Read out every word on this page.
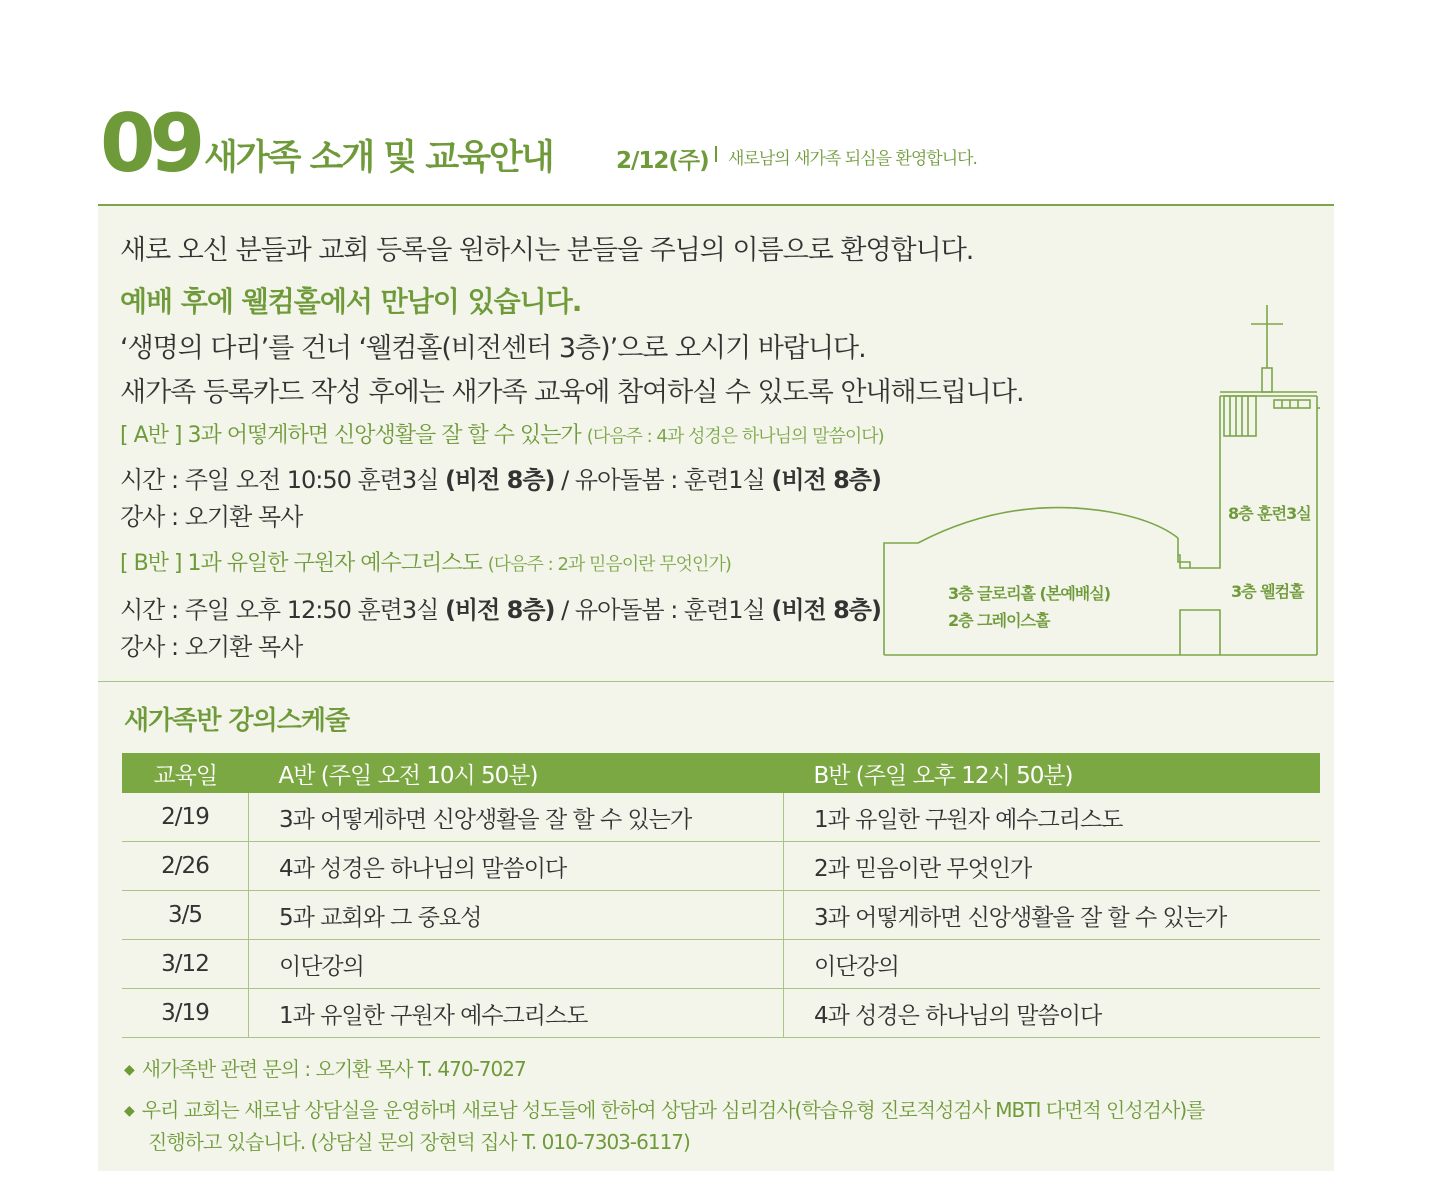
09 새가족 소개 및 교육안내	2/12(주) 새로남의 새가족 되심을 환영합니다.
새로 오신 분들과 교회 등록을 원하시는 분들을 주님의 이름으로 환영합니다.
예배 후에 웰컴홀에서 만남이 있습니다.
‘생명의 다리’를 건너 ‘웰컴홀(비전센터 3층)’으로 오시기 바랍니다.
새가족 등록카드 작성 후에는 새가족 교육에 참여하실 수 있도록 안내해드립니다.
[ A반 ] 3과 어떻게하면 신앙생활을 잘 할 수 있는가 (다음주 : 4과 성경은 하나님의 말씀이다)
시간 : 주일 오전 10:50 훈련3실 (비전 8층) / 유아돌봄 : 훈련1실 (비전 8층)
강사 : 오기환 목사
[ B반 ] 1과 유일한 구원자 예수그리스도 (다음주 : 2과 믿음이란 무엇인가)
시간 : 주일 오후 12:50 훈련3실 (비전 8층) / 유아돌봄 : 훈련1실 (비전 8층)
강사 : 오기환 목사
8층 훈련3실
3층 웰컴홀
3층 글로리홀 (본예배실)
2층 그레이스홀
새가족반 강의스케줄
교육일	A반 (주일 오전 10시 50분)	B반 (주일 오후 12시 50분)
2/19	3과 어떻게하면 신앙생활을 잘 할 수 있는가	1과 유일한 구원자 예수그리스도
2/26	4과 성경은 하나님의 말씀이다	2과 믿음이란 무엇인가
3/5	5과 교회와 그 중요성	3과 어떻게하면 신앙생활을 잘 할 수 있는가
3/12	이단강의	이단강의
3/19	1과 유일한 구원자 예수그리스도	4과 성경은 하나님의 말씀이다
◆ 새가족반 관련 문의 : 오기환 목사 T. 470-7027
◆ 우리 교회는 새로남 상담실을 운영하며 새로남 성도들에 한하여 상담과 심리검사(학습유형 진로적성검사 MBTI 다면적 인성검사)를
진행하고 있습니다. (상담실 문의 장현덕 집사 T. 010-7303-6117)
